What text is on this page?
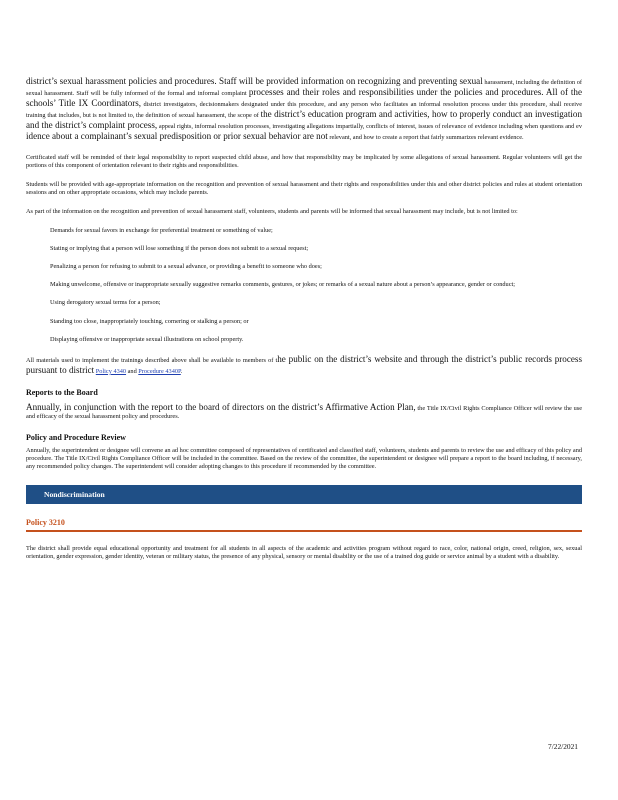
district’s sexual harassment policies and procedures. Staff will be provided information on recognizing and preventing sexual harassment, including the definition of sexual harassment. Staff will be fully informed of the formal and informal complaint processes and their roles and responsibilities under the policies and procedures. All of the schools’ Title IX Coordinators, district investigators, decisionmakers designated under this procedure, and any person who facilitates an informal resolution process under this procedure, shall receive training that includes, but is not limited to, the definition of sexual harassment, the scope of the district’s education program and activities, how to properly conduct an investigation and the district’s complaint process, appeal rights, informal resolution processes, investigating allegations impartially, conflicts of interest, issues of relevance of evidence including when questions and ev idence about a complainant’s sexual predisposition or prior sexual behavior are not relevant, and how to create a report that fairly summarizes relevant evidence.

Certificated staff will be reminded of their legal responsibility to report suspected child abuse, and how that responsibility may be implicated by some allegations of sexual harassment. Regular volunteers will get the portions of this component of orientation relevant to their rights and responsibilities.

Students will be provided with age-appropriate information on the recognition and prevention of sexual harassment and their rights and responsibilities under this and other district policies and rules at student orientation sessions and on other appropriate occasions, which may include parents.

As part of the information on the recognition and prevention of sexual harassment staff, volunteers, students and parents will be informed that sexual harassment may include, but is not limited to:

Demands for sexual favors in exchange for preferential treatment or something of value;
Stating or implying that a person will lose something if the person does not submit to a sexual request;
Penalizing a person for refusing to submit to a sexual advance, or providing a benefit to someone who does;
Making unwelcome, offensive or inappropriate sexually suggestive remarks comments, gestures, or jokes; or remarks of a sexual nature about a person’s appearance, gender or conduct;
Using derogatory sexual terms for a person;
Standing too close, inappropriately touching, cornering or stalking a person; or
Displaying offensive or inappropriate sexual illustrations on school property.
All materials used to implement the trainings described above shall be available to members of the public on the district’s website and through the district’s public records process pursuant to district Policy 4340 and Procedure 4340P.
Reports to the Board
Annually, in conjunction with the report to the board of directors on the district’s Affirmative Action Plan, the Title IX/Civil Rights Compliance Officer will review the use and efficacy of the sexual harassment policy and procedures.
Policy and Procedure Review

Annually, the superintendent or designee will convene an ad hoc committee composed of representatives of certificated and classified staff, volunteers, students and parents to review the use and efficacy of this policy and procedure. The Title IX/Civil Rights Compliance Officer will be included in the committee. Based on the review of the committee, the superintendent or designee will prepare a report to the board including, if necessary, any recommended policy changes. The superintendent will consider adopting changes to this procedure if recommended by the committee.

Nondiscrimination
Policy 3210

The district shall provide equal educational opportunity and treatment for all students in all aspects of the academic and activities program without regard to race, color, national origin, creed, religion, sex, sexual orientation, gender expression, gender identity, veteran or military status, the presence of any physical, sensory or mental disability or the use of a trained dog guide or service animal by a student with a disability.

7/22/2021
